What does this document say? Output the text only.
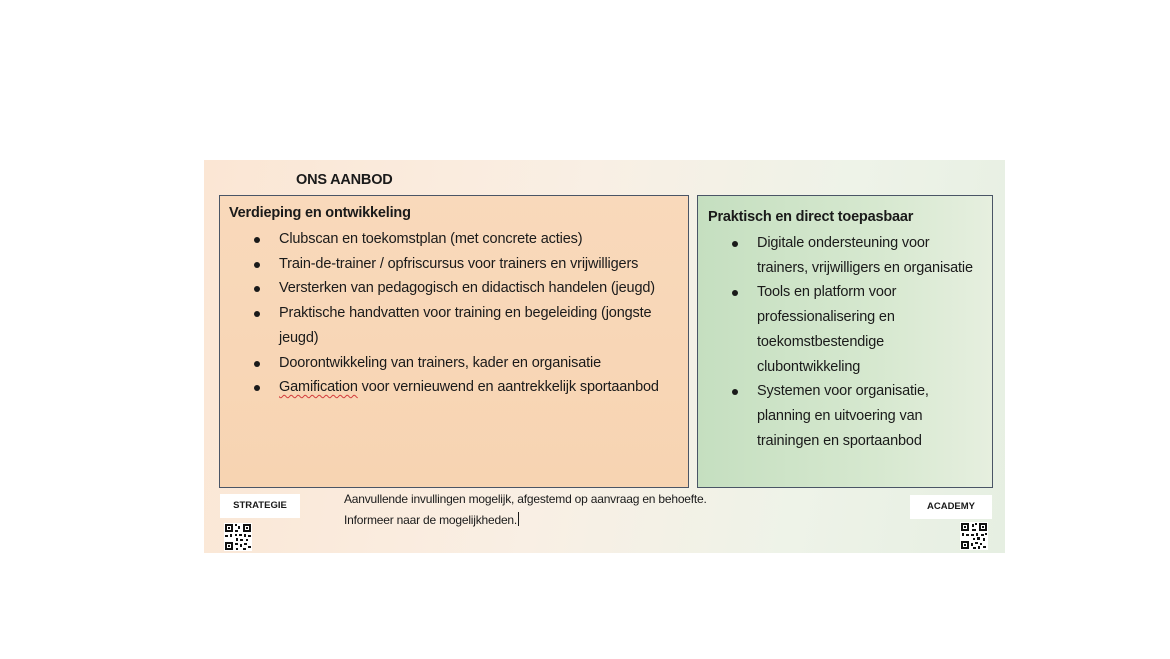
ONS AANBOD
Verdieping en ontwikkeling
Clubscan en toekomstplan (met concrete acties)
Train-de-trainer / opfriscursus voor trainers en vrijwilligers
Versterken van pedagogisch en didactisch handelen (jeugd)
Praktische handvatten voor training en begeleiding (jongste jeugd)
Doorontwikkeling van trainers, kader en organisatie
Gamification voor vernieuwend en aantrekkelijk sportaanbod
Praktisch en direct toepasbaar
Digitale ondersteuning voor trainers, vrijwilligers en organisatie
Tools en platform voor professionalisering en toekomstbestendige clubontwikkeling
Systemen voor organisatie, planning en uitvoering van trainingen en sportaanbod
STRATEGIE	ACADEMY
Aanvullende invullingen mogelijk, afgestemd op aanvraag en behoefte.
Informeer naar de mogelijkheden.
